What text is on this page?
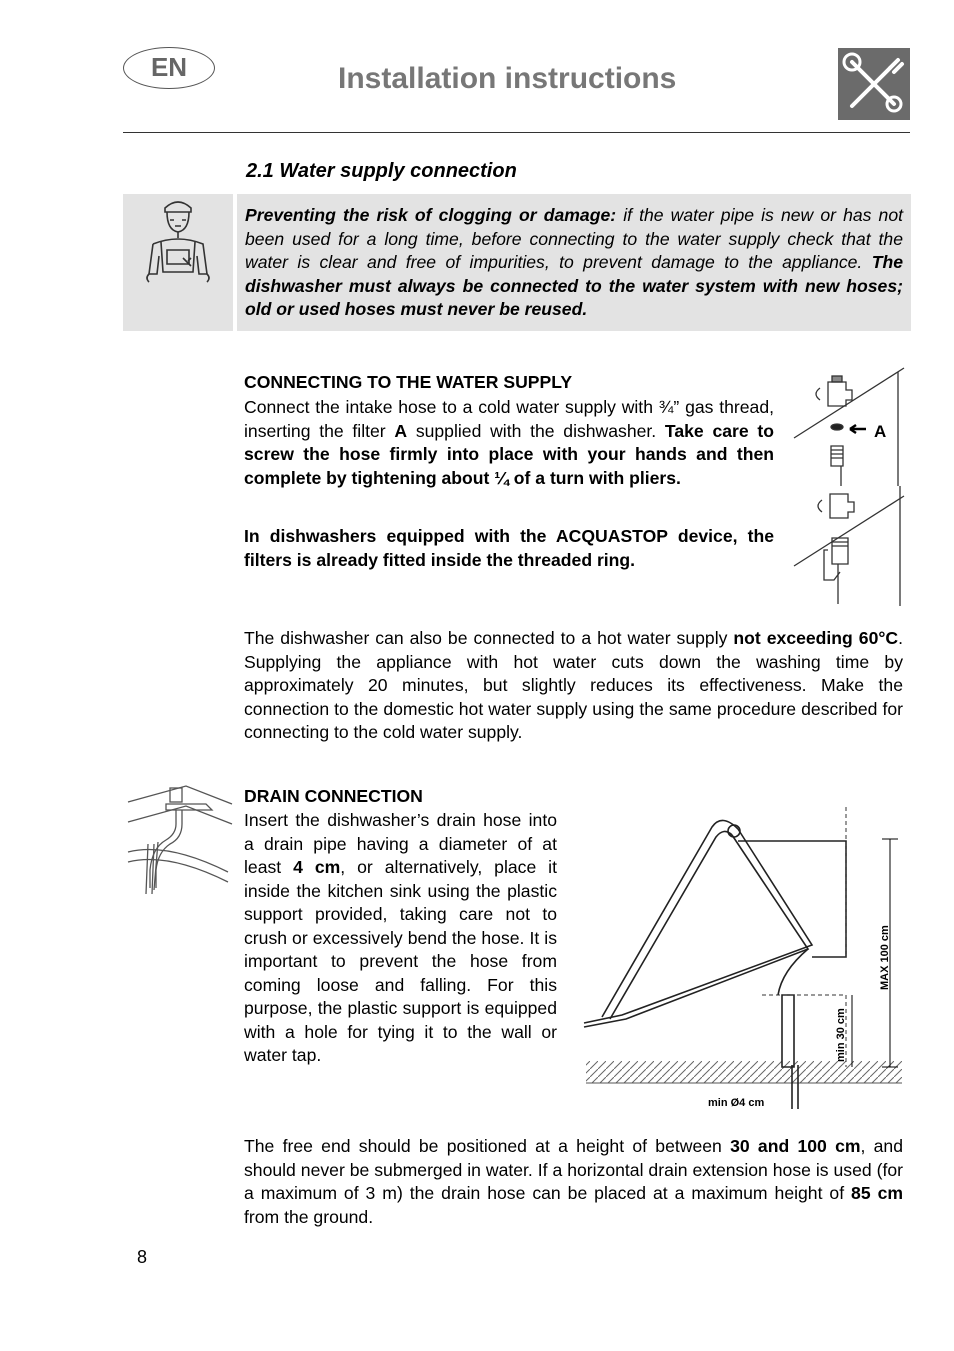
EN	Installation instructions
2.1 Water supply connection
Preventing the risk of clogging or damage: if the water pipe is new or has not been used for a long time, before connecting to the water supply check that the water is clear and free of impurities, to prevent damage to the appliance. The dishwasher must always be connected to the water system with new hoses; old or used hoses must never be reused.
CONNECTING TO THE WATER SUPPLY
Connect the intake hose to a cold water supply with ¾” gas thread, inserting the filter A supplied with the dishwasher. Take care to screw the hose firmly into place with your hands and then complete by tightening about ¼ of a turn with pliers.
In dishwashers equipped with the ACQUASTOP device, the filters is already fitted inside the threaded ring.
A
The dishwasher can also be connected to a hot water supply not exceeding 60°C. Supplying the appliance with hot water cuts down the washing time by approximately 20 minutes, but slightly reduces its effectiveness. Make the connection to the domestic hot water supply using the same procedure described for connecting to the cold water supply.
DRAIN CONNECTION
Insert the dishwasher’s drain hose into a drain pipe having a diameter of at least 4 cm, or alternatively, place it inside the kitchen sink using the plastic support provided, taking care not to crush or excessively bend the hose. It is important to prevent the hose from coming loose and falling. For this purpose, the plastic support is equipped with a hole for tying it to the wall or water tap.
MAX 100 cm
min 30 cm
min Ø4 cm
The free end should be positioned at a height of between 30 and 100 cm, and should never be submerged in water. If a horizontal drain extension hose is used (for a maximum of 3 m) the drain hose can be placed at a maximum height of 85 cm from the ground.
8
